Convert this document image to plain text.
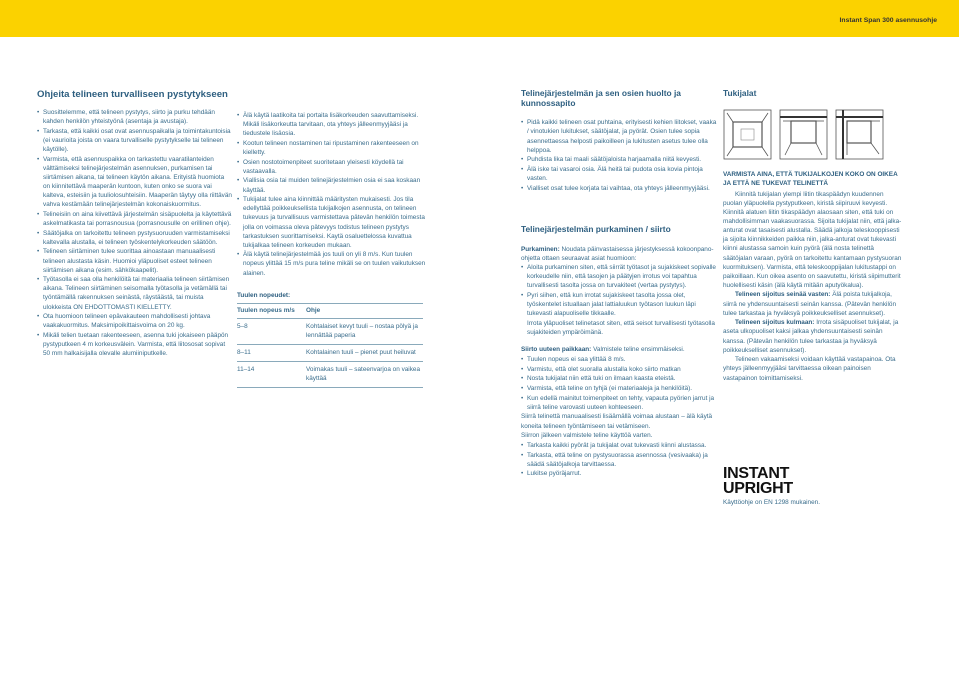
Instant Span 300 asennusohje
Ohjeita telineen turvalliseen pystytykseen
• Suosittelemme, että telineen pystytys, siirto ja purku tehdään kahden henkilön yhteistyönä (asentaja ja avustaja).
• Tarkasta, että kaikki osat ovat asennuspaikalla ja toimintakuntoisia (ei vaurioita joista on vaara turvalliselle pystytykselle tai telineen käytölle).
• Varmista, että asennuspaikka on tarkastettu vaaratilanteiden välttämiseksi telinejärjestelmän asennuksen, purkamisen tai siirtämisen aikana, tai telineen käytön aikana. Erityistä huomiota on kiinnitettävä maaperän kuntoon, kuten onko se suora vai kalteva, esteisiin ja tuuliolosuhteisiin. Maaperän täytyy olla riittävän vahva kestämään telinejärjestelmän kokonaiskuormitus.
• Telineisiin on aina kiivettävä järjestelmän sisäpuolelta ja käytettävä askelmatikasta tai porrasnousua (porrasnousulle on erillinen ohje).
• Säätöjalka on tarkoitettu telineen pystysuoruuden varmistamiseksi kaltevalla alustalla, ei telineen työskentelykorkeuden säätöön.
• Telineen siirtäminen tulee suorittaa ainoastaan manuaalisesti telineen alustasta käsin. Huomioi yläpuoliset esteet telineen siirtämisen aikana (esim. sähkökaapelit).
• Työtasolla ei saa olla henkilöitä tai materiaalia telineen siirtämisen aikana. Telineen siirtäminen seisomalla työtasolla ja vetämällä tai työntämällä rakennuksen seinästä, räystäästä, tai muista ulokkeista ON EHDOTTOMASTI KIELLETTY.
• Ota huomioon telineen epävakauteen mahdollisesti johtava vaakakuormitus. Maksimipoikittaisvoima on 20 kg.
• Mikäli telien tuetaan rakenteeseen, asenna tuki jokaiseen pääpön pystyputkeen 4 m korkeusvälein. Varmista, että liitososat sopivat 50 mm halkaisijalla olevalle alumiiniputkelle.
• Älä käytä laatikoita tai portaita lisäkorkeuden saavuttamiseksi. Mikäli lisäkorkeutta tarvitaan, ota yhteys jälleenmyyjääsi ja tiedustele lisäosia.
• Kootun telineen nostaminen tai ripustaminen rakenteeseen on kielletty.
• Osien nostotoimenpiteet suoritetaan yleisesti köydellä tai vastaavalla.
• Viallisia osia tai muiden telinejärjestelmien osia ei saa koskaan käyttää.
• Tukijalat tulee aina kiinnittää määritysten mukaisesti. Jos tila edellyttää poikkeuksellista tukijalkojen asennusta, on telineen tukevuus ja turvallisuus varmistettava pätevän henkilön toimesta jolla on voimassa oleva pätevyys todistus telineen pystytys tarkastuksen suorittamiseksi. Kaytä osaluettelossa kuvattua tukijalkaa telineen korkeuden mukaan.
• Älä käytä telinejärjestelmää jos tuuli on yli 8 m/s. Kun tuulen nopeus ylittää 15 m/s pura teline mikäli se on tuulen vaikutuksen alainen.
Tuulen nopeudet:
Tuulen nopeus m/s	Ohje
5–8	Kohtalaiset kevyt tuuli – nostaa pölyä ja lennättää paperia
8–11	Kohtalainen tuuli – pienet puut heiluvat
11–14	Voimakas tuuli – sateenvarjoa on vaikea käyttää
Telinejärjestelmän ja sen osien huolto ja kunnossapito
• Pidä kaikki telineen osat puhtaina, erityisesti kehien liitokset, vaaka / vinotukien lukitukset, säätöjalat, ja pyörät. Osien tulee sopia asennettaessa helposti paikoilleen ja lukitusten asetus tulee olla helppoa.
• Puhdista lika tai maali säätöjaloista harjaamalla niitä kevyesti.
• Älä iske tai vasaroi osia. Älä heitä tai pudota osia kovia pintoja vasten.
• Vialliset osat tulee korjata tai vaihtaa, ota yhteys jälleenmyyjääsi.
Telinejärjestelmän purkaminen / siirto
Purkaminen: Noudata päinvastaisessa järjestyksessä kokoonpano-ohjetta ottaen seuraavat asiat huomioon:
• Aloita purkaminen siten, että siirrät työtasot ja sujakiskeet sopivalle korkeudelle niin, että tasojen ja päätyjen irrotus voi tapahtua turvallisesti tasolta jossa on turvakiteet (vertaa pystytys).
• Pyri siihen, että kun irrotat sujakiskeet tasolta jossa olet, työskentelet istuallaan jalat lattialuukun työtason luukun läpi tukevasti alapuoliselle tikkaalle.
Irrota yläpuoliset telinetasot siten, että seisot turvallisesti työtasolla sujakiteiden ympäröimänä.
Siirto uuteen paikkaan: Valmistele teline ensimmäiseksi.
• Tuulen nopeus ei saa ylittää 8 m/s.
• Varmistu, että olet suoralla alustalla koko siirto matkan
• Nosta tukijalat niin että tuki on ilmaan kaasta eteistä.
• Varmista, että teline on tyhjä (ei materiaaleja ja henkilöitä).
• Kun edellä mainitut toimenpiteet on tehty, vapauta pyörien jarrut ja siirrä teline varovasti uuteen kohteeseen.
Siirrä telinettä manuaalisesti lisäämällä voimaa alustaan – älä käytä koneita telineen työntämiseen tai vetämiseen.
Siirron jälkeen valmistele teline käyttöä varten.
• Tarkasta kaikki pyörät ja tukijalat ovat tukevasti kiinni alustassa.
• Tarkasta, että teline on pystysuorassa asennossa (vesivaaka) ja säädä säätöjalkoja tarvittaessa.
• Lukitse pyöräjarrut.
Tukijalat
VARMISTA AINA, ETTÄ TUKIJALKOJEN KOKO ON OIKEA JA ETTÄ NE TUKEVAT TELINETTÄ
Kiinnitä tukijalan ylempi liitin tikaspäädyn kuudennen puolan yläpuolella pystyputkeen, kiristä siipiruuvi kevyesti. Kiinnitä alatuen liitin tikaspäädyn alaosaan siten, että tuki on mahdollisimman vaakasuorassa. Sijoita tukijalat niin, että jalka-anturat ovat tasaisesti alustalla. Säädä jalkoja teleskooppisesti ja sijoita kiinnikkeiden paikka niin, jalka-anturat ovat tukevasti kiinni alustassa samoin kuin pyörä (älä nosta telinettä säätöjalan varaan, pyörä on tarkoitettu kantamaan pystysuoran kuormituksen). Varmista, että teleskooppijalan lukitustappi on paikoillaan. Kun oikea asento on saavutettu, kiristä siipimutterit huolellisesti käsin (älä käytä mitään aputyökalua).
Telineen sijoitus seinää vasten: Älä poista tukijalkoja, siirrä ne yhdensuuntaisesti seinän kanssa. (Pätevän henkilön tulee tarkastaa ja hyväksyä poikkeukselliset asennukset).
Telineen sijoitus kulmaan: Irrota sisäpuoliset tukijalat, ja aseta ulkopuoliset kaksi jalkaa yhdensuuntaisesti seinän kanssa. (Pätevän henkilön tulee tarkastaa ja hyväksyä poikkeukselliset asennukset).
Telineen vakaamiseksi voidaan käyttää vastapainoa. Ota yhteys jälleenmyyjääsi tarvittaessa oikean painoisen vastapainon toimittamiseksi.
INSTANT
UPRIGHT
Käyttöohje on EN 1298 mukainen.
